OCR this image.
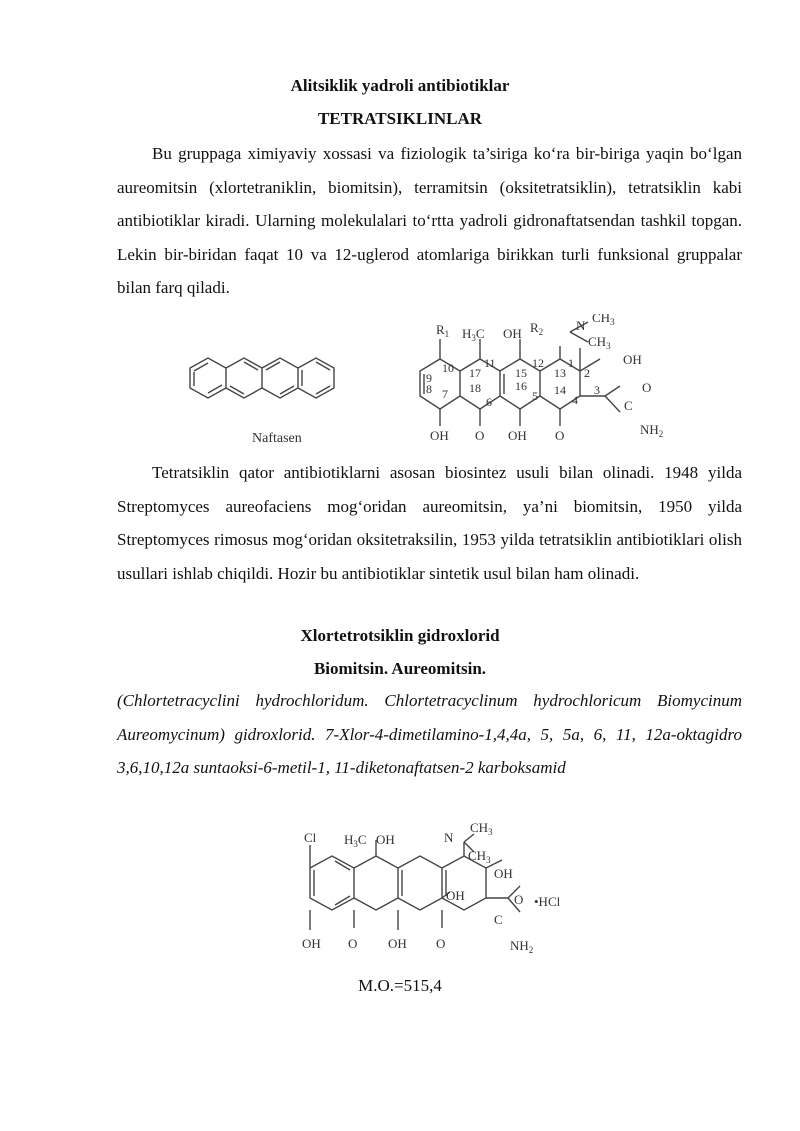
Alitsiklik yadroli antibiotiklar
TETRATSIKLINLAR

Bu gruppaga ximiyaviy xossasi va fiziologik ta’siriga ko‘ra bir-biriga yaqin bo‘lgan aureomitsin (xlortetraniklin, biomitsin), terramitsin (oksitetratsiklin), tetratsiklin kabi antibiotiklar kiradi. Ularning molekulalari to‘rtta yadroli gidronaftatsendan tashkil topgan. Lekin bir-biridan faqat 10 va 12-uglerod atomlariga birikkan turli funksional gruppalar bilan farq qiladi.

Naftasen
$R_1$ $H_3C$ OH $R_2$	N
$CH_3$
$CH_3$
OH
O
C
$NH_2$
OH O OH O
10
9
8 7
17
18
11
6
15
16
12
5
13
14
1
2
3
4

Tetratsiklin qator antibiotiklarni asosan biosintez usuli bilan olinadi. 1948 yilda Streptomyces aureofaciens mog‘oridan aureomitsin, ya’ni biomitsin, 1950 yilda Streptomyces rimosus mog‘oridan oksitetraksilin, 1953 yilda tetratsiklin antibiotiklari olish usullari ishlab chiqildi. Hozir bu antibiotiklar sintetik usul bilan ham olinadi.

Xlortetrotsiklin gidroxlorid
Biomitsin. Aureomitsin.

(Chlortetracyclini hydrochloridum. Chlortetracyclinum hydrochloricum Biomycinum Aureomycinum) gidroxlorid. 7-Xlor-4-dimetilamino-1,4,4a, 5, 5a, 6, 11, 12a-oktagidro 3,6,10,12a suntaoksi-6-metil-1, 11-diketonaftatsen-2 karboksamid

Cl $H_3C$ OH	N
$CH_3$
$CH_3$
OH
OH	O •HCl
C
$NH_2$
OH O OH O
M.O.=515,4
